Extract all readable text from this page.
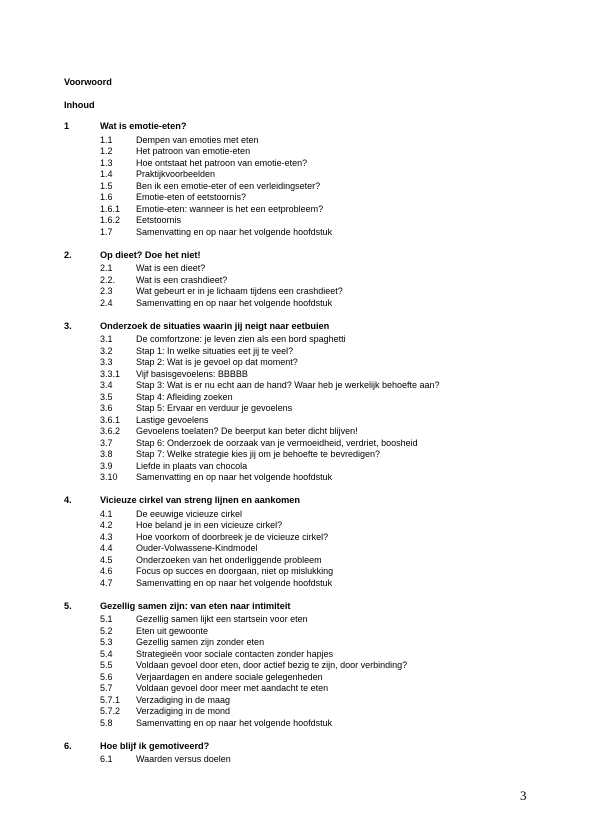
Voorwoord
Inhoud
1	Wat is emotie-eten?
1.1	Dempen van emoties met eten
1.2	Het patroon van emotie-eten
1.3	Hoe ontstaat het patroon van emotie-eten?
1.4	Praktijkvoorbeelden
1.5	Ben ik een emotie-eter of een verleidingseter?
1.6	Emotie-eten of eetstoornis?
1.6.1 Emotie-eten: wanneer is het een eetprobleem?
1.6.2 Eetstoornis
1.7	Samenvatting en op naar het volgende hoofdstuk
2.	Op dieet? Doe het niet!
2.1	Wat is een dieet?
2.2. Wat is een crashdieet?
2.3	Wat gebeurt er in je lichaam tijdens een crashdieet?
2.4	Samenvatting en op naar het volgende hoofdstuk
3.	Onderzoek de situaties waarin jij neigt naar eetbuien
3.1	De comfortzone: je leven zien als een bord spaghetti
3.2	Stap 1: In welke situaties eet jij te veel?
3.3	Stap 2: Wat is je gevoel op dat moment?
3.3.1 Vijf basisgevoelens: BBBBB
3.4	Stap 3: Wat is er nu echt aan de hand? Waar heb je werkelijk behoefte aan?
3.5	Stap 4: Afleiding zoeken
3.6	Stap 5: Ervaar en verduur je gevoelens
3.6.1 Lastige gevoelens
3.6.2 Gevoelens toelaten? De beerput kan beter dicht blijven!
3.7	Stap 6: Onderzoek de oorzaak van je vermoeidheid, verdriet, boosheid
3.8	Stap 7: Welke strategie kies jij om je behoefte te bevredigen?
3.9	Liefde in plaats van chocola
3.10 Samenvatting en op naar het volgende hoofdstuk
4.	Vicieuze cirkel van streng lijnen en aankomen
4.1	De eeuwige vicieuze cirkel
4.2	Hoe beland je in een vicieuze cirkel?
4.3	Hoe voorkom of doorbreek je de vicieuze cirkel?
4.4	Ouder-Volwassene-Kindmodel
4.5	Onderzoeken van het onderliggende probleem
4.6	Focus op succes en doorgaan, niet op mislukking
4.7	Samenvatting en op naar het volgende hoofdstuk
5.	Gezellig samen zijn: van eten naar intimiteit
5.1	Gezellig samen lijkt een startsein voor eten
5.2	Eten uit gewoonte
5.3	Gezellig samen zijn zonder eten
5.4	Strategieën voor sociale contacten zonder hapjes
5.5	Voldaan gevoel door eten, door actief bezig te zijn, door verbinding?
5.6	Verjaardagen en andere sociale gelegenheden
5.7	Voldaan gevoel door meer met aandacht te eten
5.7.1 Verzadiging in de maag
5.7.2 Verzadiging in de mond
5.8	Samenvatting en op naar het volgende hoofdstuk
6.	Hoe blijf ik gemotiveerd?
6.1	Waarden versus doelen
3
